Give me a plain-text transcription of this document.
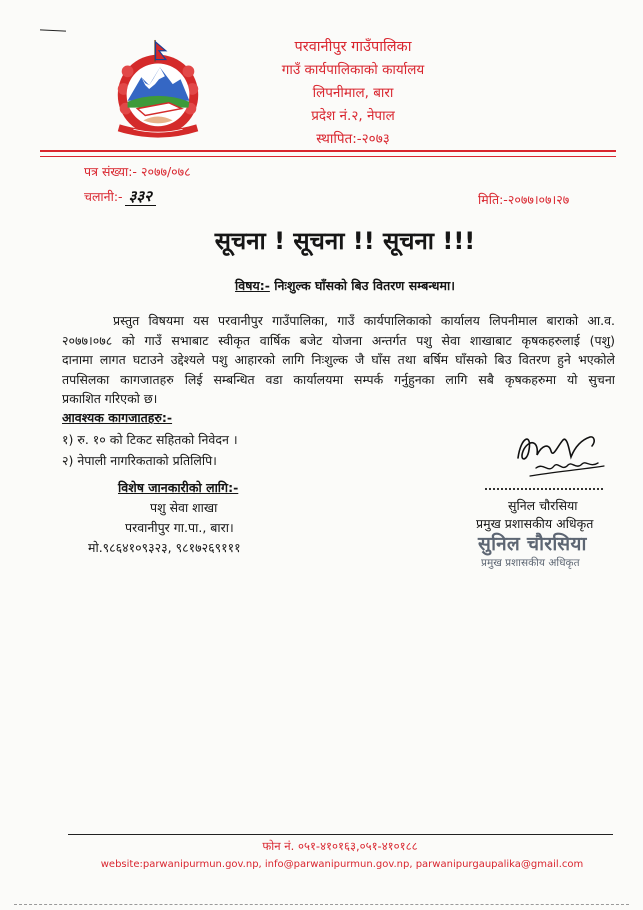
परवानीपुर गाउँपालिका
गाउँ कार्यपालिकाको कार्यालय
लिपनीमाल, बारा
प्रदेश नं.२, नेपाल
स्थापित:-२०७३
पत्र संख्या:- २०७७/०७८
चलानी:- ३३२	मिति:-२०७७।०७।२७
सूचना ! सूचना !! सूचना !!!
विषय:- निःशुल्क घाँसको बिउ वितरण सम्बन्धमा।
प्रस्तुत विषयमा यस परवानीपुर गाउँपालिका, गाउँ कार्यपालिकाको कार्यालय लिपनीमाल बाराको आ.व.
२०७७।०७८ को गाउँ सभाबाट स्वीकृत वार्षिक बजेट योजना अन्तर्गत पशु सेवा शाखाबाट कृषकहरुलाई (पशु)
दानामा लागत घटाउने उद्देश्यले पशु आहारको लागि निःशुल्क जै घाँस तथा बर्षिम घाँसको बिउ वितरण हुने भएकोले
तपसिलका कागजातहरु लिई सम्बन्धित वडा कार्यालयमा सम्पर्क गर्नुहुनका लागि सबै कृषकहरुमा यो सुचना
प्रकाशित गरिएको छ।
आवश्यक कागजातहरु:-
१) रु. १० को टिकट सहितको निवेदन ।
२) नेपाली नागरिकताको प्रतिलिपि।
विशेष जानकारीको लागि:-
पशु सेवा शाखा
परवानीपुर गा.पा., बारा।
मो.९८६४१०९३२३, ९८१७२६९१११
सुनिल चौरसिया
प्रमुख प्रशासकीय अधिकृत
सुनिल चौरसिया
प्रमुख प्रशासकीय अधिकृत
फोन नं. ०५१-४१०१६३,०५१-४१०१८८
website:parwanipurmun.gov.np, info@parwanipurmun.gov.np, parwanipurgaupalika@gmail.com
